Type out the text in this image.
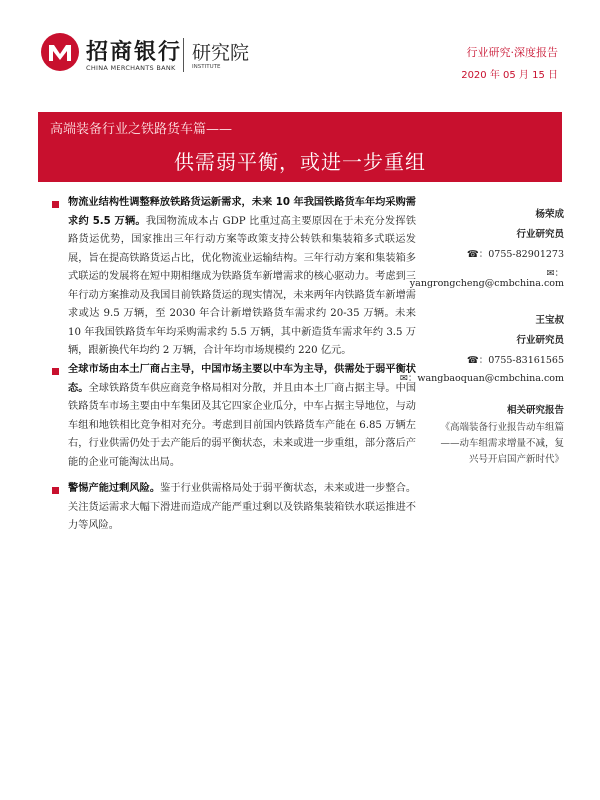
招商银行
CHINA MERCHANTS BANK
研究院
INSTITUTE
行业研究·深度报告
2020 年 05 月 15 日
高端装备行业之铁路货车篇——
供需弱平衡，或进一步重组
物流业结构性调整释放铁路货运新需求，未来 10 年我国铁路货车年均采购需求约 5.5 万辆。我国物流成本占 GDP 比重过高主要原因在于未充分发挥铁路货运优势，国家推出三年行动方案等政策支持公转铁和集装箱多式联运发展，旨在提高铁路货运占比，优化物流业运输结构。三年行动方案和集装箱多式联运的发展将在短中期相继成为铁路货车新增需求的核心驱动力。考虑到三年行动方案推动及我国目前铁路货运的现实情况，未来两年内铁路货车新增需求或达 9.5 万辆，至 2030 年合计新增铁路货车需求约 20-35 万辆。未来 10 年我国铁路货车年均采购需求约 5.5 万辆，其中新造货车需求年约 3.5 万辆，跟新换代年均约 2 万辆，合计年均市场规模约 220 亿元。
全球市场由本土厂商占主导，中国市场主要以中车为主导，供需处于弱平衡状态。全球铁路货车供应商竞争格局相对分散，并且由本土厂商占据主导。中国铁路货车市场主要由中车集团及其它四家企业瓜分，中车占据主导地位，与动车组和地铁相比竞争相对充分。考虑到目前国内铁路货车产能在 6.85 万辆左右，行业供需仍处于去产能后的弱平衡状态，未来或进一步重组，部分落后产能的企业可能淘汰出局。
警惕产能过剩风险。鉴于行业供需格局处于弱平衡状态，未来或进一步整合。关注货运需求大幅下滑进而造成产能严重过剩以及铁路集装箱铁水联运推进不力等风险。
杨荣成
行业研究员
☎：0755-82901273
✉：
yangrongcheng@cmbchina.com
王宝叔
行业研究员
☎：0755-83161565
✉：wangbaoquan@cmbchina.com
相关研究报告
《高端装备行业报告动车组篇——动车组需求增量不减，复兴号开启国产新时代》
